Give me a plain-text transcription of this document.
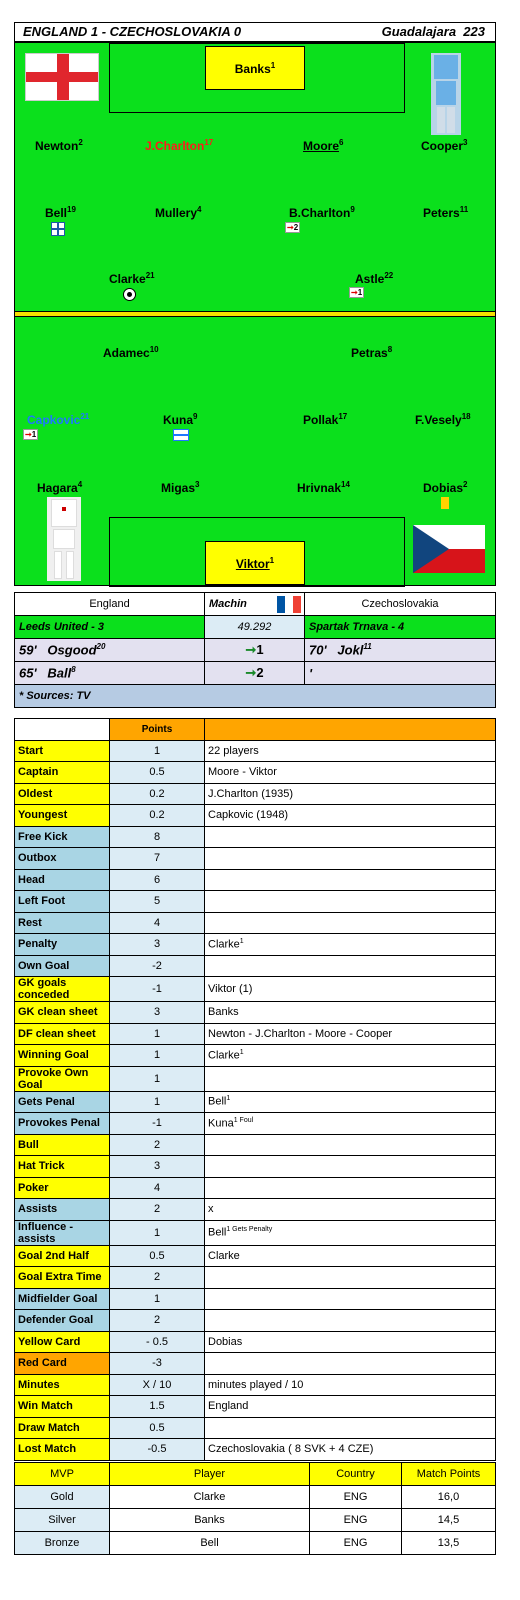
ENGLAND 1 - CZECHOSLOVAKIA 0	Guadalajara 223
Banks$^1$
Newton$^2$	J.Charlton$^{17}$	Moore$^6$	Cooper$^3$
Bell$^{19}$	Mullery$^4$	B.Charlton$^9$
➞2
Peters$^{11}$
Clarke$^{21}$	Astle$^{22}$
➞1
Adamec$^{10}$	Petras$^8$
Capkovic$^{21}$
➞1
Kuna$^9$	Pollak$^{17}$	F.Vesely$^{18}$
Hagara$^4$	Migas$^3$	Hrivnak$^{14}$	Dobias$^2$
Viktor$^1$
England	Machin	Czechoslovakia
Leeds United - 3	49.292	Spartak Trnava - 4
59' Osgood$^{20}$	➞1	70' Jokl$^{11}$
65' Ball$^8$	➞2	'
* Sources: TV		
	Points	
Start	1	22 players
Captain	0.5	Moore - Viktor
Oldest	0.2	J.Charlton (1935)
Youngest	0.2	Capkovic (1948)
Free Kick	8	
Outbox	7	
Head	6	
Left Foot	5	
Rest	4	
Penalty	3	Clarke$^1$
Own Goal	-2	
GK goals conceded	-1	Viktor (1)
GK clean sheet	3	Banks
DF clean sheet	1	Newton - J.Charlton - Moore - Cooper
Winning Goal	1	Clarke$^1$
Provoke Own Goal	1	
Gets Penal	1	Bell$^1$
Provokes Penal	-1	Kuna$^{1 Foul}$
Bull	2	
Hat Trick	3	
Poker	4	
Assists	2	x
Influence - assists	1	Bell$^{1 Gets Penalty}$
Goal 2nd Half	0.5	Clarke
Goal Extra Time	2	
Midfielder Goal	1	
Defender Goal	2	
Yellow Card	- 0.5	Dobias
Red Card	-3	
Minutes	X / 10	minutes played / 10
Win Match	1.5	England
Draw Match	0.5	
Lost Match	-0.5	Czechoslovakia ( 8 SVK + 4 CZE)
MVP	Player	Country	Match Points
Gold	Clarke	ENG	16,0
Silver	Banks	ENG	14,5
Bronze	Bell	ENG	13,5
